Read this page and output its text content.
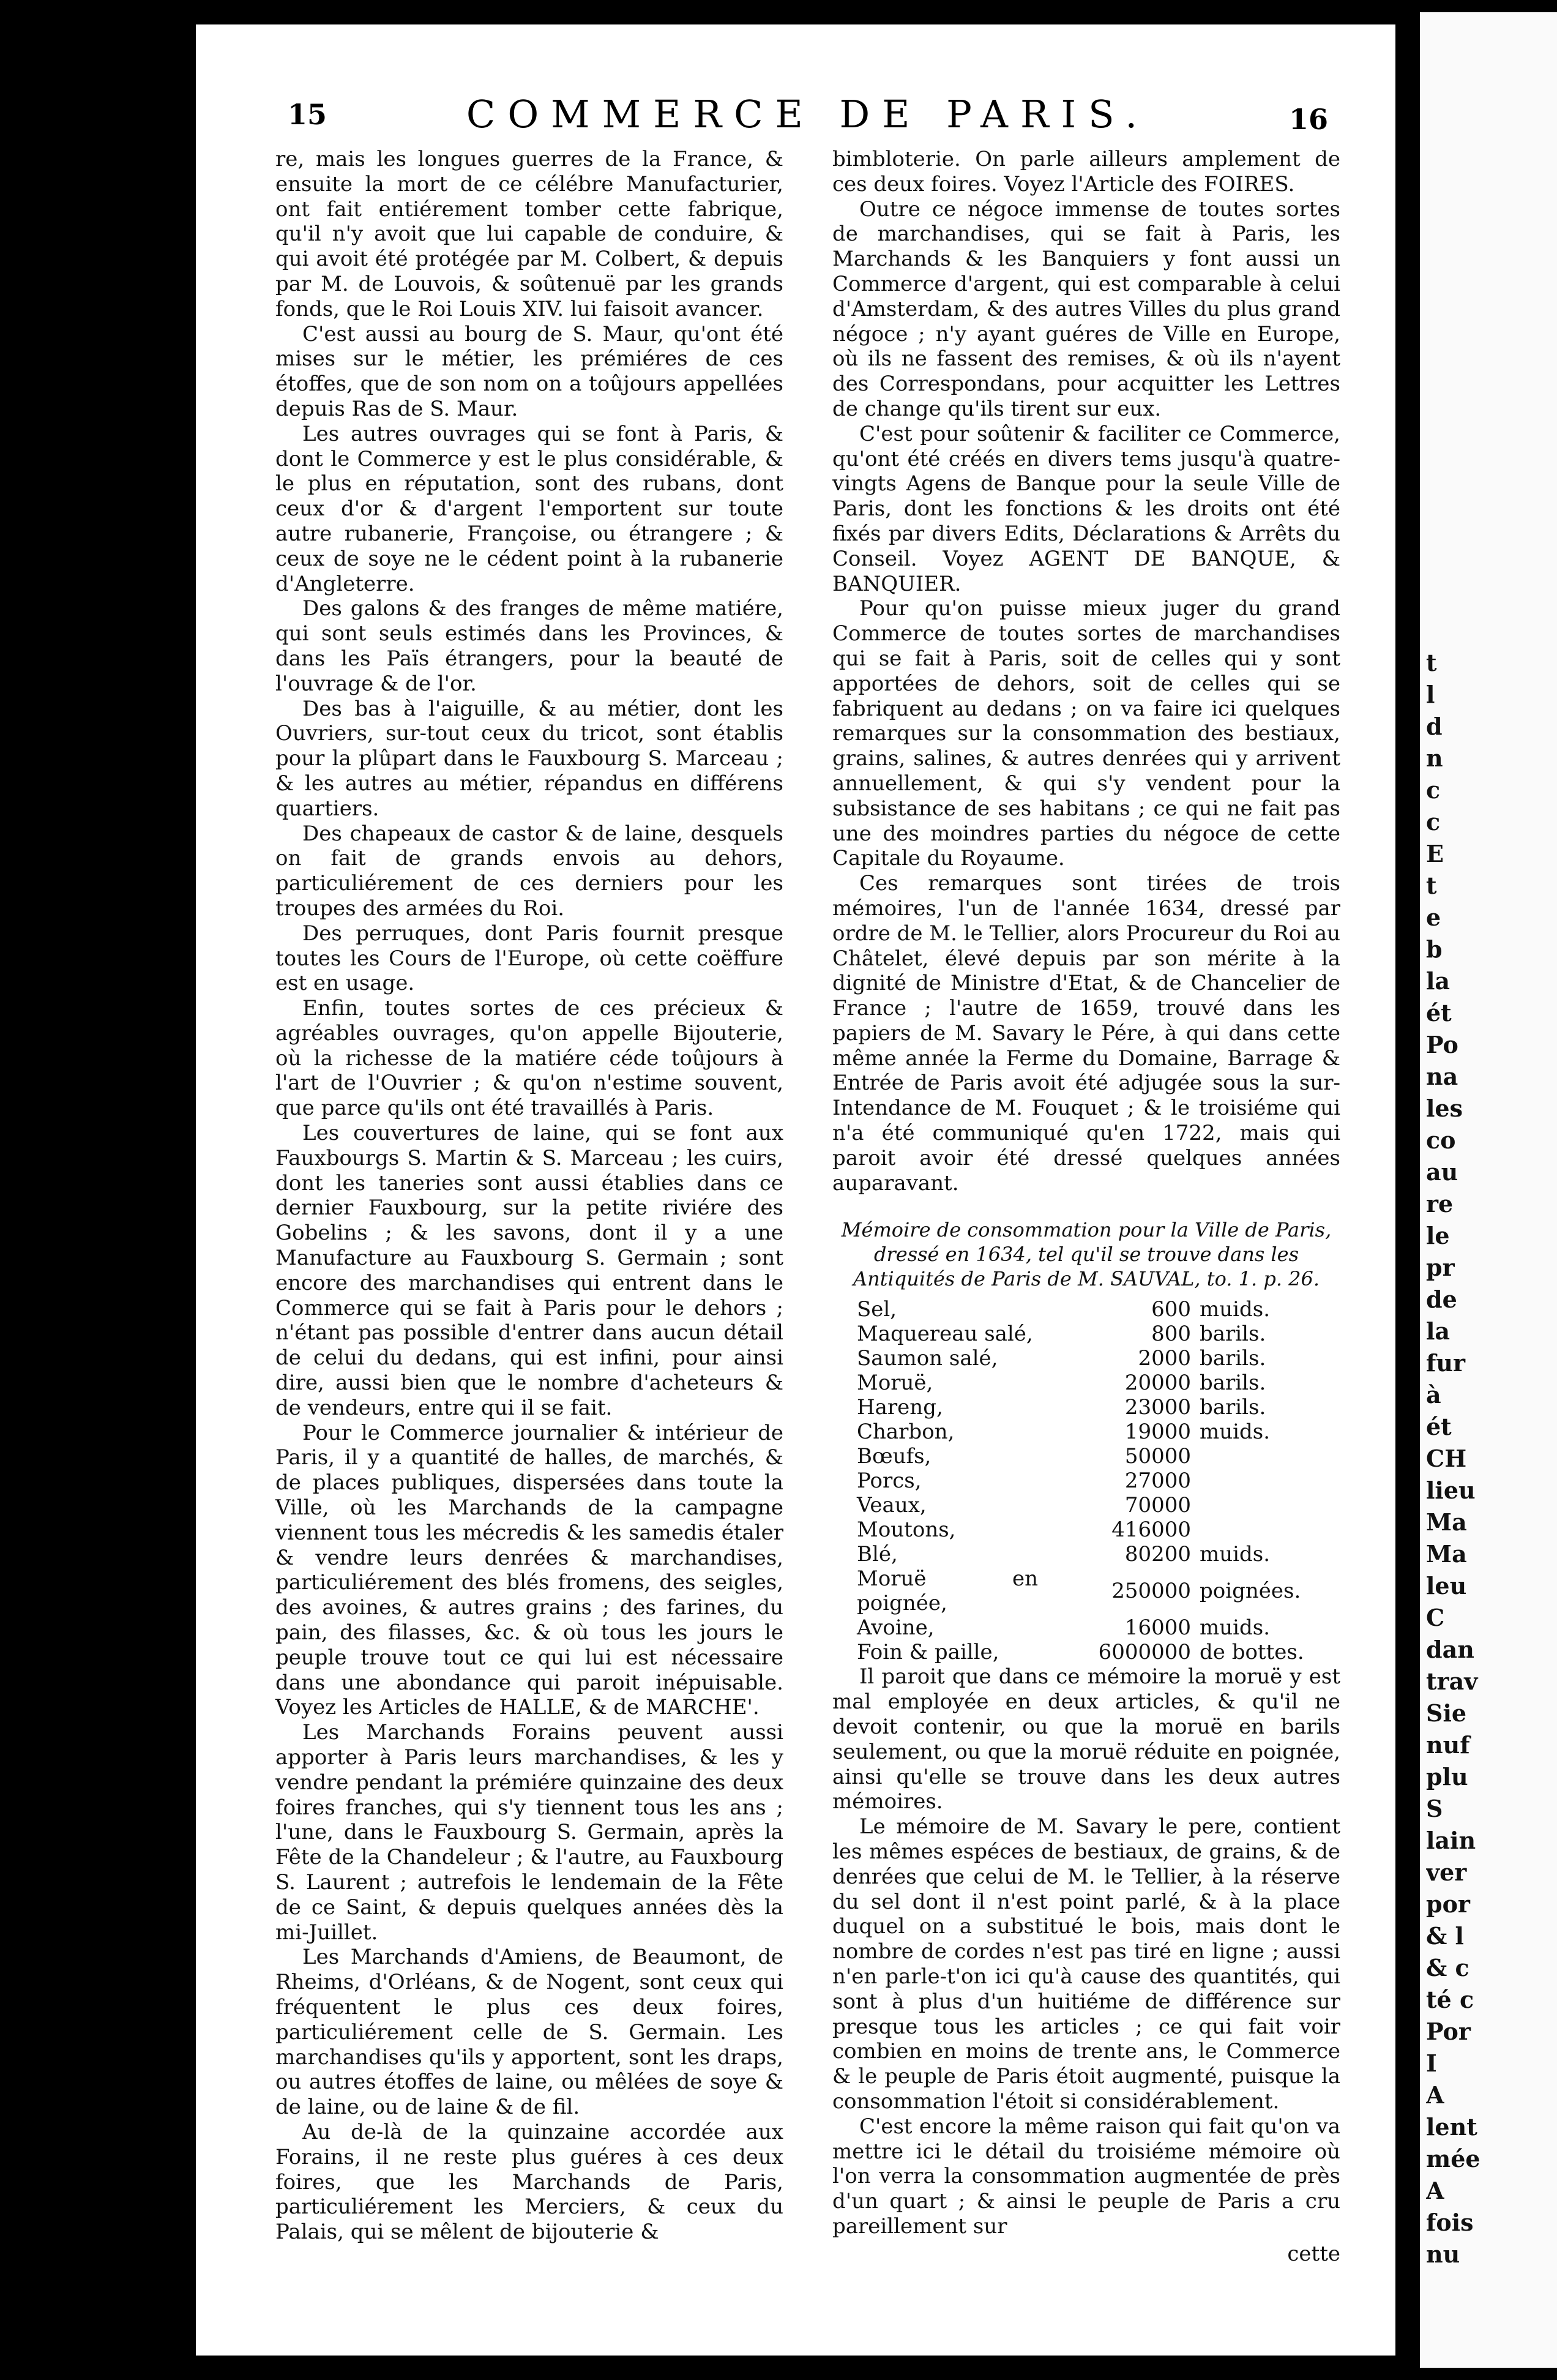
t
l
d
n
c
c
E
t
e
b
la
ét
Po
na
les
co
au
re
le
pr
de
la
fur
à
ét
CH
lieu
Ma
Ma
leu
C
dan
trav
Sie
nuf
plu
S
lain
ver
por
& l
& c
té c
Por
I
A
lent
mée
A
fois
nu
15	COMMERCE DE PARIS.	16

re, mais les longues guerres de la France, & ensuite la mort de ce célébre Manufacturier, ont fait entiérement tomber cette fabrique, qu'il n'y avoit que lui capable de conduire, & qui avoit été protégée par M. Colbert, & depuis par M. de Louvois, & soûtenuë par les grands fonds, que le Roi Louis XIV. lui faisoit avancer.

C'est aussi au bourg de S. Maur, qu'ont été mises sur le métier, les prémiéres de ces étoffes, que de son nom on a toûjours appellées depuis Ras de S. Maur.

Les autres ouvrages qui se font à Paris, & dont le Commerce y est le plus considérable, & le plus en réputation, sont des rubans, dont ceux d'or & d'argent l'emportent sur toute autre rubanerie, Françoise, ou étrangere ; & ceux de soye ne le cédent point à la rubanerie d'Angleterre.

Des galons & des franges de même matiére, qui sont seuls estimés dans les Provinces, & dans les Païs étrangers, pour la beauté de l'ouvrage & de l'or.

Des bas à l'aiguille, & au métier, dont les Ouvriers, sur-tout ceux du tricot, sont établis pour la plûpart dans le Fauxbourg S. Marceau ; & les autres au métier, répandus en différens quartiers.

Des chapeaux de castor & de laine, desquels on fait de grands envois au dehors, particuliérement de ces derniers pour les troupes des armées du Roi.

Des perruques, dont Paris fournit presque toutes les Cours de l'Europe, où cette coëffure est en usage.

Enfin, toutes sortes de ces précieux & agréables ouvrages, qu'on appelle Bijouterie, où la richesse de la matiére céde toûjours à l'art de l'Ouvrier ; & qu'on n'estime souvent, que parce qu'ils ont été travaillés à Paris.

Les couvertures de laine, qui se font aux Fauxbourgs S. Martin & S. Marceau ; les cuirs, dont les taneries sont aussi établies dans ce dernier Fauxbourg, sur la petite riviére des Gobelins ; & les savons, dont il y a une Manufacture au Fauxbourg S. Germain ; sont encore des marchandises qui entrent dans le Commerce qui se fait à Paris pour le dehors ; n'étant pas possible d'entrer dans aucun détail de celui du dedans, qui est infini, pour ainsi dire, aussi bien que le nombre d'acheteurs & de vendeurs, entre qui il se fait.

Pour le Commerce journalier & intérieur de Paris, il y a quantité de halles, de marchés, & de places publiques, dispersées dans toute la Ville, où les Marchands de la campagne viennent tous les mécredis & les samedis étaler & vendre leurs denrées & marchandises, particuliérement des blés fromens, des seigles, des avoines, & autres grains ; des farines, du pain, des filasses, &c. & où tous les jours le peuple trouve tout ce qui lui est nécessaire dans une abondance qui paroit inépuisable. Voyez les Articles de HALLE, & de MARCHE'.

Les Marchands Forains peuvent aussi apporter à Paris leurs marchandises, & les y vendre pendant la prémiére quinzaine des deux foires franches, qui s'y tiennent tous les ans ; l'une, dans le Fauxbourg S. Germain, après la Fête de la Chandeleur ; & l'autre, au Fauxbourg S. Laurent ; autrefois le lendemain de la Fête de ce Saint, & depuis quelques années dès la mi-Juillet.

Les Marchands d'Amiens, de Beaumont, de Rheims, d'Orléans, & de Nogent, sont ceux qui fréquentent le plus ces deux foires, particuliérement celle de S. Germain. Les marchandises qu'ils y apportent, sont les draps, ou autres étoffes de laine, ou mêlées de soye & de laine, ou de laine & de fil.

Au de-là de la quinzaine accordée aux Forains, il ne reste plus guéres à ces deux foires, que les Marchands de Paris, particuliérement les Merciers, & ceux du Palais, qui se mêlent de bijouterie &

bimbloterie. On parle ailleurs amplement de ces deux foires. Voyez l'Article des FOIRES.

Outre ce négoce immense de toutes sortes de marchandises, qui se fait à Paris, les Marchands & les Banquiers y font aussi un Commerce d'argent, qui est comparable à celui d'Amsterdam, & des autres Villes du plus grand négoce ; n'y ayant guéres de Ville en Europe, où ils ne fassent des remises, & où ils n'ayent des Correspondans, pour acquitter les Lettres de change qu'ils tirent sur eux.

C'est pour soûtenir & faciliter ce Commerce, qu'ont été créés en divers tems jusqu'à quatre-vingts Agens de Banque pour la seule Ville de Paris, dont les fonctions & les droits ont été fixés par divers Edits, Déclarations & Arrêts du Conseil. Voyez AGENT DE BANQUE, & BANQUIER.

Pour qu'on puisse mieux juger du grand Commerce de toutes sortes de marchandises qui se fait à Paris, soit de celles qui y sont apportées de dehors, soit de celles qui se fabriquent au dedans ; on va faire ici quelques remarques sur la consommation des bestiaux, grains, salines, & autres denrées qui y arrivent annuellement, & qui s'y vendent pour la subsistance de ses habitans ; ce qui ne fait pas une des moindres parties du négoce de cette Capitale du Royaume.

Ces remarques sont tirées de trois mémoires, l'un de l'année 1634, dressé par ordre de M. le Tellier, alors Procureur du Roi au Châtelet, élevé depuis par son mérite à la dignité de Ministre d'Etat, & de Chancelier de France ; l'autre de 1659, trouvé dans les papiers de M. Savary le Pére, à qui dans cette même année la Ferme du Domaine, Barrage & Entrée de Paris avoit été adjugée sous la sur-Intendance de M. Fouquet ; & le troisiéme qui n'a été communiqué qu'en 1722, mais qui paroit avoir été dressé quelques années auparavant.

Mémoire de consommation pour la Ville de Paris, dressé en 1634, tel qu'il se trouve dans les Antiquités de Paris de M. SAUVAL, to. 1. p. 26.
Sel,	600	muids.
Maquereau salé,	800	barils.
Saumon salé,	2000	barils.
Moruë,	20000	barils.
Hareng,	23000	barils.
Charbon,	19000	muids.
Bœufs,	50000	
Porcs,	27000	
Veaux,	70000	
Moutons,	416000	
Blé,	80200	muids.
Moruë en poignée,	250000	poignées.
Avoine,	16000	muids.
Foin & paille,	6000000	de bottes.

Il paroit que dans ce mémoire la moruë y est mal employée en deux articles, & qu'il ne devoit contenir, ou que la moruë en barils seulement, ou que la moruë réduite en poignée, ainsi qu'elle se trouve dans les deux autres mémoires.

Le mémoire de M. Savary le pere, contient les mêmes espéces de bestiaux, de grains, & de denrées que celui de M. le Tellier, à la réserve du sel dont il n'est point parlé, & à la place duquel on a substitué le bois, mais dont le nombre de cordes n'est pas tiré en ligne ; aussi n'en parle-t'on ici qu'à cause des quantités, qui sont à plus d'un huitiéme de différence sur presque tous les articles ; ce qui fait voir combien en moins de trente ans, le Commerce & le peuple de Paris étoit augmenté, puisque la consommation l'étoit si considérablement.

C'est encore la même raison qui fait qu'on va mettre ici le détail du troisiéme mémoire où l'on verra la consommation augmentée de près d'un quart ; & ainsi le peuple de Paris a cru pareillement sur

cette
